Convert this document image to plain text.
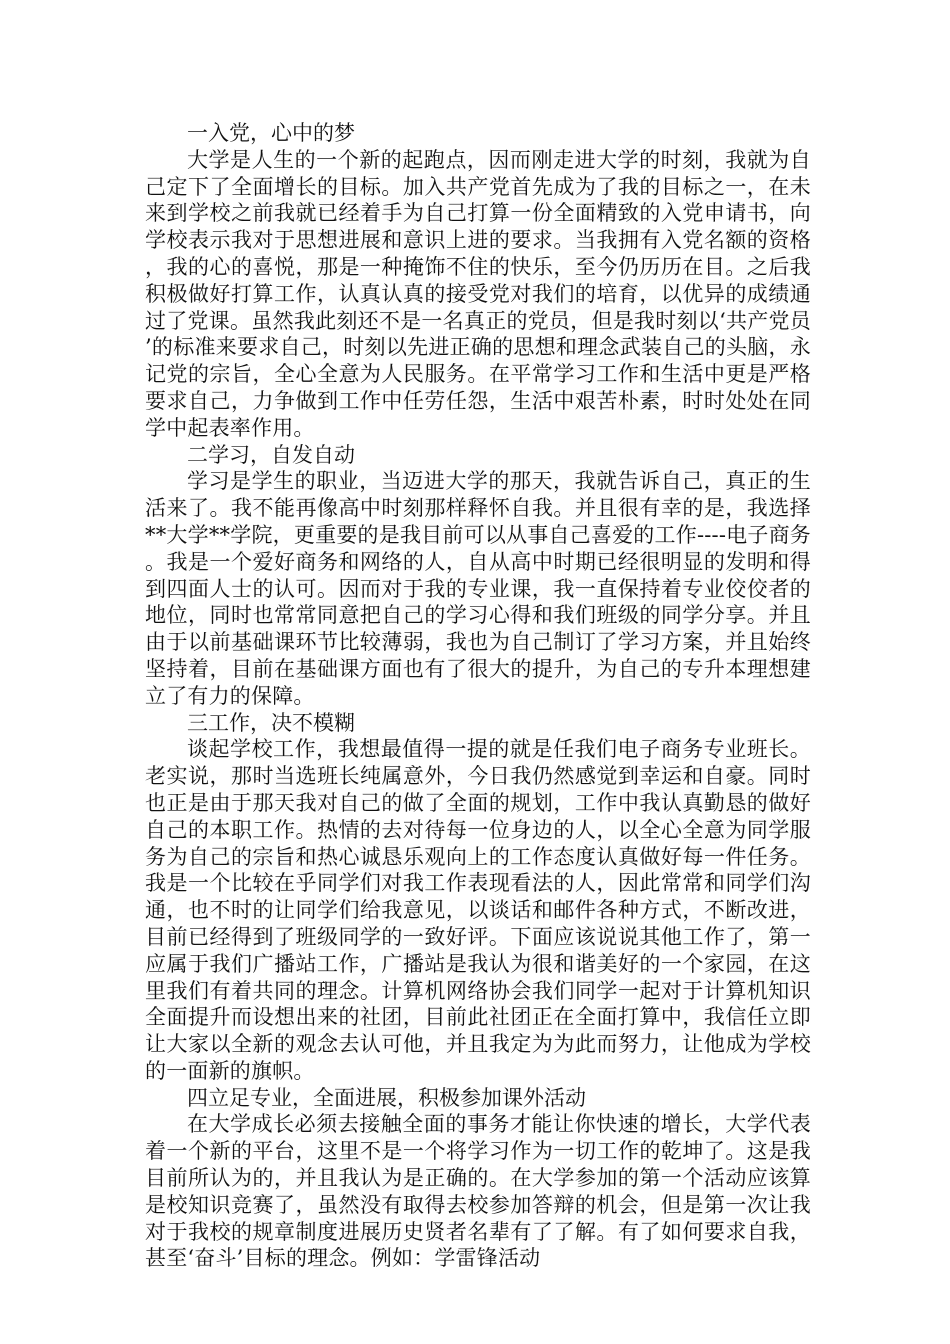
一入党，心中的梦

大学是人生的一个新的起跑点，因而刚走进大学的时刻，我就为自己定下了全面增长的目标。加入共产党首先成为了我的目标之一，在未来到学校之前我就已经着手为自己打算一份全面精致的入党申请书，向学校表示我对于思想进展和意识上进的要求。当我拥有入党名额的资格，我的心的喜悦，那是一种掩饰不住的快乐，至今仍历历在目。之后我积极做好打算工作，认真认真的接受党对我们的培育，以优异的成绩通过了党课。虽然我此刻还不是一名真正的党员，但是我时刻以‘共产党员’的标准来要求自己，时刻以先进正确的思想和理念武装自己的头脑，永记党的宗旨，全心全意为人民服务。在平常学习工作和生活中更是严格要求自己，力争做到工作中任劳任怨，生活中艰苦朴素，时时处处在同学中起表率作用。

二学习，自发自动

学习是学生的职业，当迈进大学的那天，我就告诉自己，真正的生活来了。我不能再像高中时刻那样释怀自我。并且很有幸的是，我选择**大学**学院，更重要的是我目前可以从事自己喜爱的工作----电子商务。我是一个爱好商务和网络的人，自从高中时期已经很明显的发明和得到四面人士的认可。因而对于我的专业课，我一直保持着专业佼佼者的地位，同时也常常同意把自己的学习心得和我们班级的同学分享。并且由于以前基础课环节比较薄弱，我也为自己制订了学习方案，并且始终坚持着，目前在基础课方面也有了很大的提升，为自己的专升本理想建立了有力的保障。

三工作，决不模糊

谈起学校工作，我想最值得一提的就是任我们电子商务专业班长。老实说，那时当选班长纯属意外，今日我仍然感觉到幸运和自豪。同时也正是由于那天我对自己的做了全面的规划，工作中我认真勤恳的做好自己的本职工作。热情的去对待每一位身边的人，以全心全意为同学服务为自己的宗旨和热心诚恳乐观向上的工作态度认真做好每一件任务。我是一个比较在乎同学们对我工作表现看法的人，因此常常和同学们沟通，也不时的让同学们给我意见，以谈话和邮件各种方式，不断改进，目前已经得到了班级同学的一致好评。下面应该说说其他工作了，第一应属于我们广播站工作，广播站是我认为很和谐美好的一个家园，在这里我们有着共同的理念。计算机网络协会我们同学一起对于计算机知识全面提升而设想出来的社团，目前此社团正在全面打算中，我信任立即让大家以全新的观念去认可他，并且我定为为此而努力，让他成为学校的一面新的旗帜。

四立足专业，全面进展，积极参加课外活动

在大学成长必须去接触全面的事务才能让你快速的增长，大学代表着一个新的平台，这里不是一个将学习作为一切工作的乾坤了。这是我目前所认为的，并且我认为是正确的。在大学参加的第一个活动应该算是校知识竞赛了，虽然没有取得去校参加答辩的机会，但是第一次让我对于我校的规章制度进展历史贤者名辈有了了解。有了如何要求自我，甚至‘奋斗’目标的理念。例如：学雷锋活动
